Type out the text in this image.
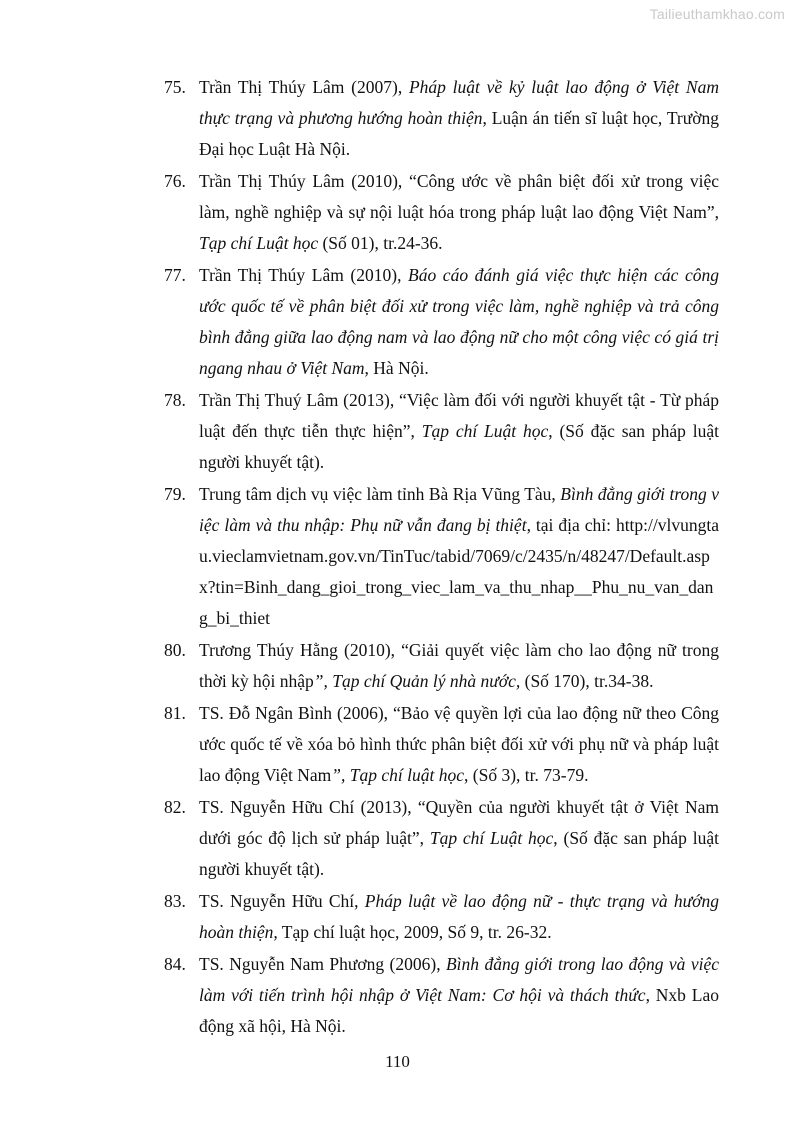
Tailieuthamkhao.com
75. Trần Thị Thúy Lâm (2007), Pháp luật về kỷ luật lao động ở Việt Nam thực trạng và phương hướng hoàn thiện, Luận án tiến sĩ luật học, Trường Đại học Luật Hà Nội.
76. Trần Thị Thúy Lâm (2010), “Công ước về phân biệt đối xử trong việc làm, nghề nghiệp và sự nội luật hóa trong pháp luật lao động Việt Nam”, Tạp chí Luật học (Số 01), tr.24-36.
77. Trần Thị Thúy Lâm (2010), Báo cáo đánh giá việc thực hiện các công ước quốc tế về phân biệt đối xử trong việc làm, nghề nghiệp và trả công bình đẳng giữa lao động nam và lao động nữ cho một công việc có giá trị ngang nhau ở Việt Nam, Hà Nội.
78. Trần Thị Thuý Lâm (2013), “Việc làm đối với người khuyết tật - Từ pháp luật đến thực tiễn thực hiện”, Tạp chí Luật học, (Số đặc san pháp luật người khuyết tật).
79. Trung tâm dịch vụ việc làm tỉnh Bà Rịa Vũng Tàu, Bình đẳng giới trong việc làm và thu nhập: Phụ nữ vẫn đang bị thiệt, tại địa chỉ: http://vlvungtau.vieclamvietnam.gov.vn/TinTuc/tabid/7069/c/2435/n/48247/Default.aspx?tin=Binh_dang_gioi_trong_viec_lam_va_thu_nhap__Phu_nu_van_dang_bi_thiet
80. Trương Thúy Hằng (2010), “Giải quyết việc làm cho lao động nữ trong thời kỳ hội nhập”, Tạp chí Quản lý nhà nước, (Số 170), tr.34-38.
81. TS. Đỗ Ngân Bình (2006), “Bảo vệ quyền lợi của lao động nữ theo Công ước quốc tế về xóa bỏ hình thức phân biệt đối xử với phụ nữ và pháp luật lao động Việt Nam”, Tạp chí luật học, (Số 3), tr. 73-79.
82. TS. Nguyễn Hữu Chí (2013), “Quyền của người khuyết tật ở Việt Nam dưới góc độ lịch sử pháp luật”, Tạp chí Luật học, (Số đặc san pháp luật người khuyết tật).
83. TS. Nguyễn Hữu Chí, Pháp luật về lao động nữ - thực trạng và hướng hoàn thiện, Tạp chí luật học, 2009, Số 9, tr. 26-32.
84. TS. Nguyễn Nam Phương (2006), Bình đẳng giới trong lao động và việc làm với tiến trình hội nhập ở Việt Nam: Cơ hội và thách thức, Nxb Lao động xã hội, Hà Nội.
110
